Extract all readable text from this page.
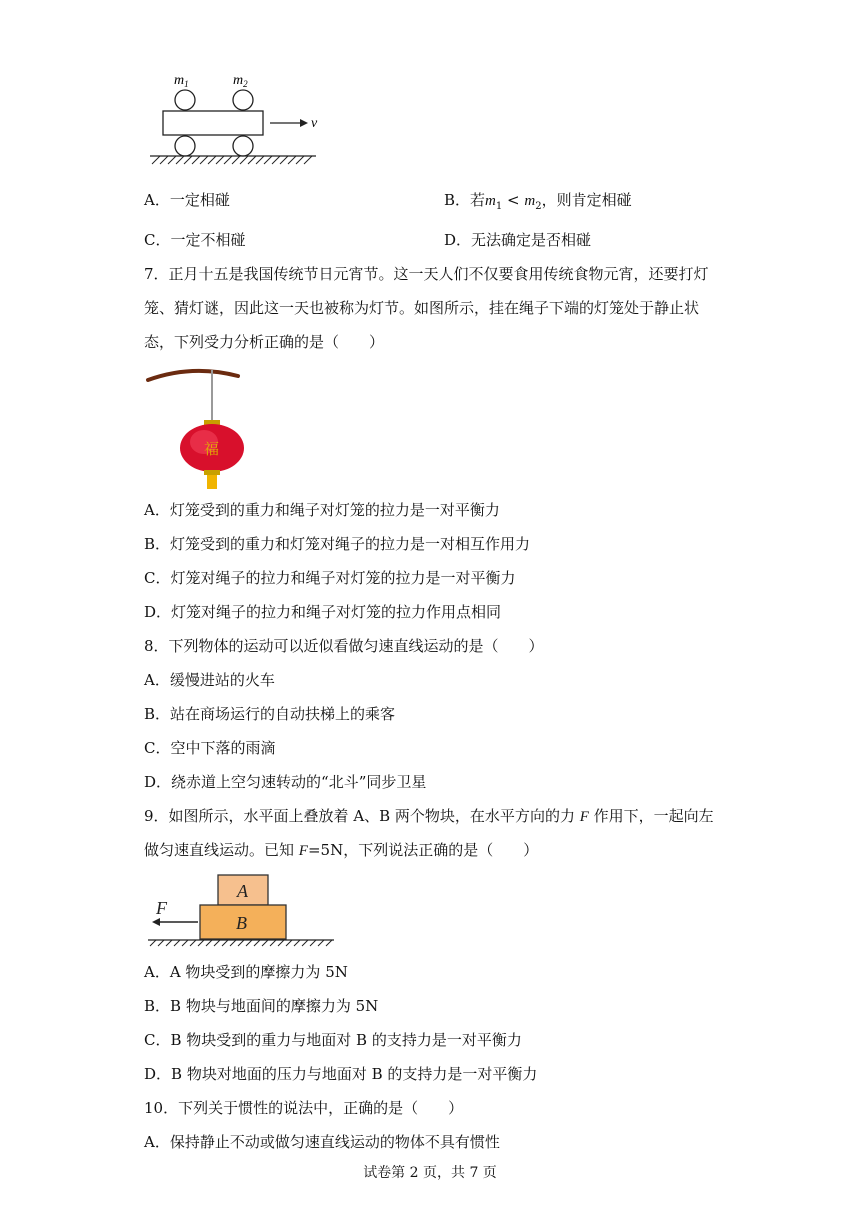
$m_1$	$m_2$
v
A．一定相碰	B．若$m_1 < m_2$，则肯定相碰
C．一定不相碰	D．无法确定是否相碰
7．正月十五是我国传统节日元宵节。这一天人们不仅要食用传统食物元宵，还要打灯
笼、猜灯谜，因此这一天也被称为灯节。如图所示，挂在绳子下端的灯笼处于静止状
态，下列受力分析正确的是（　　）
福
A．灯笼受到的重力和绳子对灯笼的拉力是一对平衡力
B．灯笼受到的重力和灯笼对绳子的拉力是一对相互作用力
C．灯笼对绳子的拉力和绳子对灯笼的拉力是一对平衡力
D．灯笼对绳子的拉力和绳子对灯笼的拉力作用点相同
8．下列物体的运动可以近似看做匀速直线运动的是（　　）
A．缓慢进站的火车
B．站在商场运行的自动扶梯上的乘客
C．空中下落的雨滴
D．绕赤道上空匀速转动的“北斗”同步卫星
9．如图所示，水平面上叠放着 A、B 两个物块，在水平方向的力 F 作用下，一起向左
做匀速直线运动。已知 F=5N，下列说法正确的是（　　）
A
B
F
A．A 物块受到的摩擦力为 5N
B．B 物块与地面间的摩擦力为 5N
C．B 物块受到的重力与地面对 B 的支持力是一对平衡力
D．B 物块对地面的压力与地面对 B 的支持力是一对平衡力
10．下列关于惯性的说法中，正确的是（　　）
A．保持静止不动或做匀速直线运动的物体不具有惯性
试卷第 2 页，共 7 页
